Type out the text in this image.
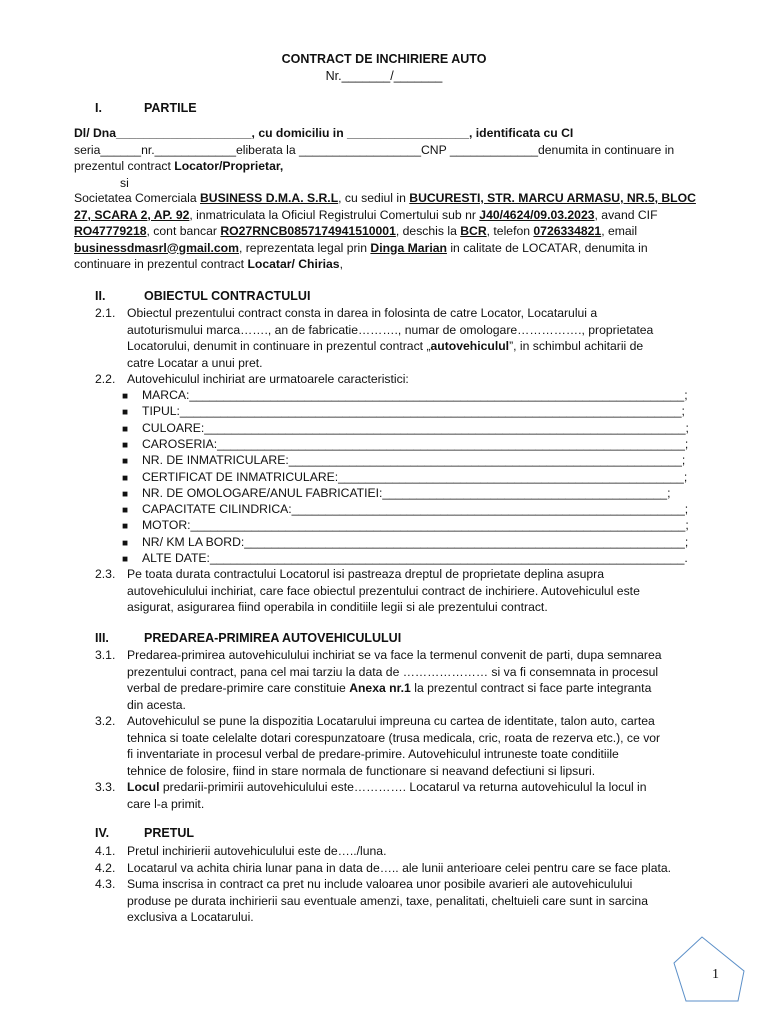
CONTRACT DE INCHIRIERE AUTO
Nr._______/_______
I.	PARTILE
Dl/ Dna____________________, cu domiciliu in __________________, identificata cu CI
seria______nr.____________eliberata la __________________CNP _____________denumita in continuare in
prezentul contract Locator/Proprietar,
si
Societatea Comerciala BUSINESS D.M.A. S.R.L, cu sediul in BUCURESTI, STR. MARCU ARMASU, NR.5, BLOC
27, SCARA 2, AP. 92, inmatriculata la Oficiul Registrului Comertului sub nr J40/4624/09.03.2023, avand CIF
RO47779218, cont bancar RO27RNCB0857174941510001, deschis la BCR, telefon 0726334821, email
businessdmasrl@gmail.com, reprezentata legal prin Dinga Marian in calitate de LOCATAR, denumita in
continuare in prezentul contract Locatar/ Chirias,
II.	OBIECTUL CONTRACTULUI
2.1. Obiectul prezentului contract consta in darea in folosinta de catre Locator, Locatarului a
autoturismului marca……., an de fabricatie………., numar de omologare……………., proprietatea
Locatorului, denumit in continuare in prezentul contract „autovehiculul”, in schimbul achitarii de
catre Locatar a unui pret.
2.2. Autovehiculul inchiriat are urmatoarele caracteristici:
■ MARCA:_________________________________________________________________________;
■ TIPUL:__________________________________________________________________________;
■ CULOARE:_______________________________________________________________________;
■ CAROSERIA:_____________________________________________________________________;
■ NR. DE INMATRICULARE:__________________________________________________________;
■ CERTIFICAT DE INMATRICULARE:___________________________________________________;
■ NR. DE OMOLOGARE/ANUL FABRICATIEI:__________________________________________;
■ CAPACITATE CILINDRICA:__________________________________________________________;
■ MOTOR:_________________________________________________________________________;
■ NR/ KM LA BORD:_________________________________________________________________;
■ ALTE DATE:______________________________________________________________________.
2.3. Pe toata durata contractului Locatorul isi pastreaza dreptul de proprietate deplina asupra
autovehiculului inchiriat, care face obiectul prezentului contract de inchiriere. Autovehiculul este
asigurat, asigurarea fiind operabila in conditiile legii si ale prezentului contract.
III.	PREDAREA-PRIMIREA AUTOVEHICULULUI
3.1. Predarea-primirea autovehiculului inchiriat se va face la termenul convenit de parti, dupa semnarea
prezentului contract, pana cel mai tarziu la data de ………………… si va fi consemnata in procesul
verbal de predare-primire care constituie Anexa nr.1 la prezentul contract si face parte integranta
din acesta.
3.2. Autovehiculul se pune la dispozitia Locatarului impreuna cu cartea de identitate, talon auto, cartea
tehnica si toate celelalte dotari corespunzatoare (trusa medicala, cric, roata de rezerva etc.), ce vor
fi inventariate in procesul verbal de predare-primire. Autovehiculul intruneste toate conditiile
tehnice de folosire, fiind in stare normala de functionare si neavand defectiuni si lipsuri.
3.3. Locul predarii-primirii autovehiculului este…………. Locatarul va returna autovehiculul la locul in
care l-a primit.
IV.	PRETUL
4.1. Pretul inchirierii autovehiculului este de…../luna.
4.2. Locatarul va achita chiria lunar pana in data de….. ale lunii anterioare celei pentru care se face plata.
4.3. Suma inscrisa in contract ca pret nu include valoarea unor posibile avarieri ale autovehiculului
produse pe durata inchirierii sau eventuale amenzi, taxe, penalitati, cheltuieli care sunt in sarcina
exclusiva a Locatarului.
1
